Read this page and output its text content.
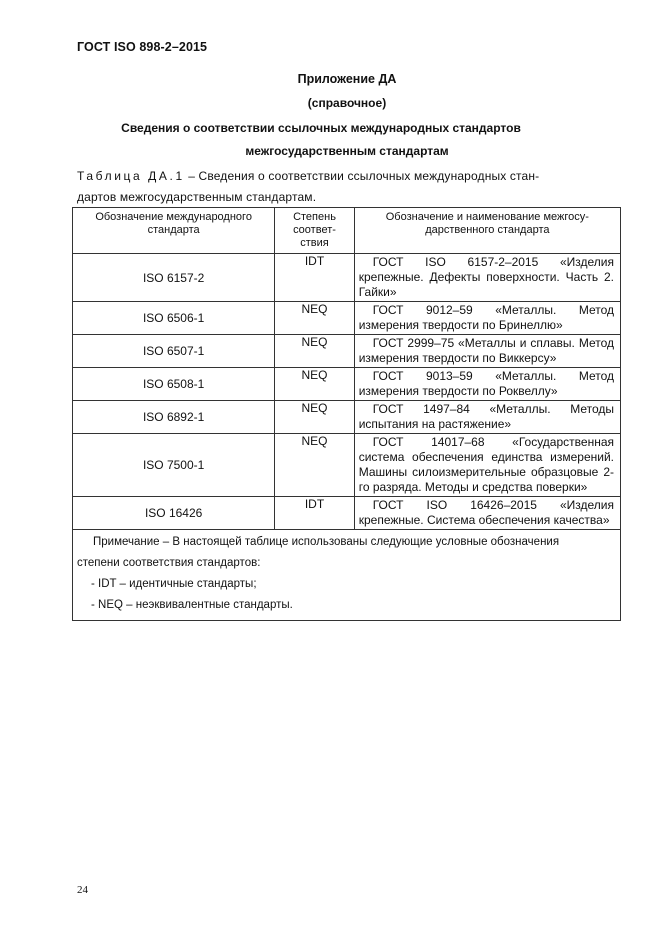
ГОСТ ISO 898-2–2015
Приложение ДА
(справочное)
Сведения о соответствии ссылочных международных стандартов
межгосударственным стандартам
Таблица ДА.1 – Сведения о соответствии ссылочных международных стан-
дартов межгосударственным стандартам.
Обозначение международного стандарта	Степень соответ- ствия	Обозначение и наименование межгосу- дарственного стандарта
ISO 6157-2	IDT	ГОСТ ISO 6157-2–2015 «Изделия крепежные. Дефекты поверхности. Часть 2. Гайки»
ISO 6506-1	NEQ	ГОСТ 9012–59 «Металлы. Метод измерения твердости по Бринеллю»
ISO 6507-1	NEQ	ГОСТ 2999–75 «Металлы и сплавы. Метод измерения твердости по Виккерсу»
ISO 6508-1	NEQ	ГОСТ 9013–59 «Металлы. Метод измерения твердости по Роквеллу»
ISO 6892-1	NEQ	ГОСТ 1497–84 «Металлы. Методы испытания на растяжение»
ISO 7500-1	NEQ	ГОСТ 14017–68 «Государственная система обеспечения единства измерений. Машины силоизмерительные образцовые 2-го разряда. Методы и средства поверки»
ISO 16426	IDT	ГОСТ ISO 16426–2015 «Изделия крепежные. Система обеспечения качества»

Примечание – В настоящей таблице использованы следующие условные обозначения
степени соответствия стандартов:
- IDT – идентичные стандарты;
- NEQ – неэквивалентные стандарты.		
24
